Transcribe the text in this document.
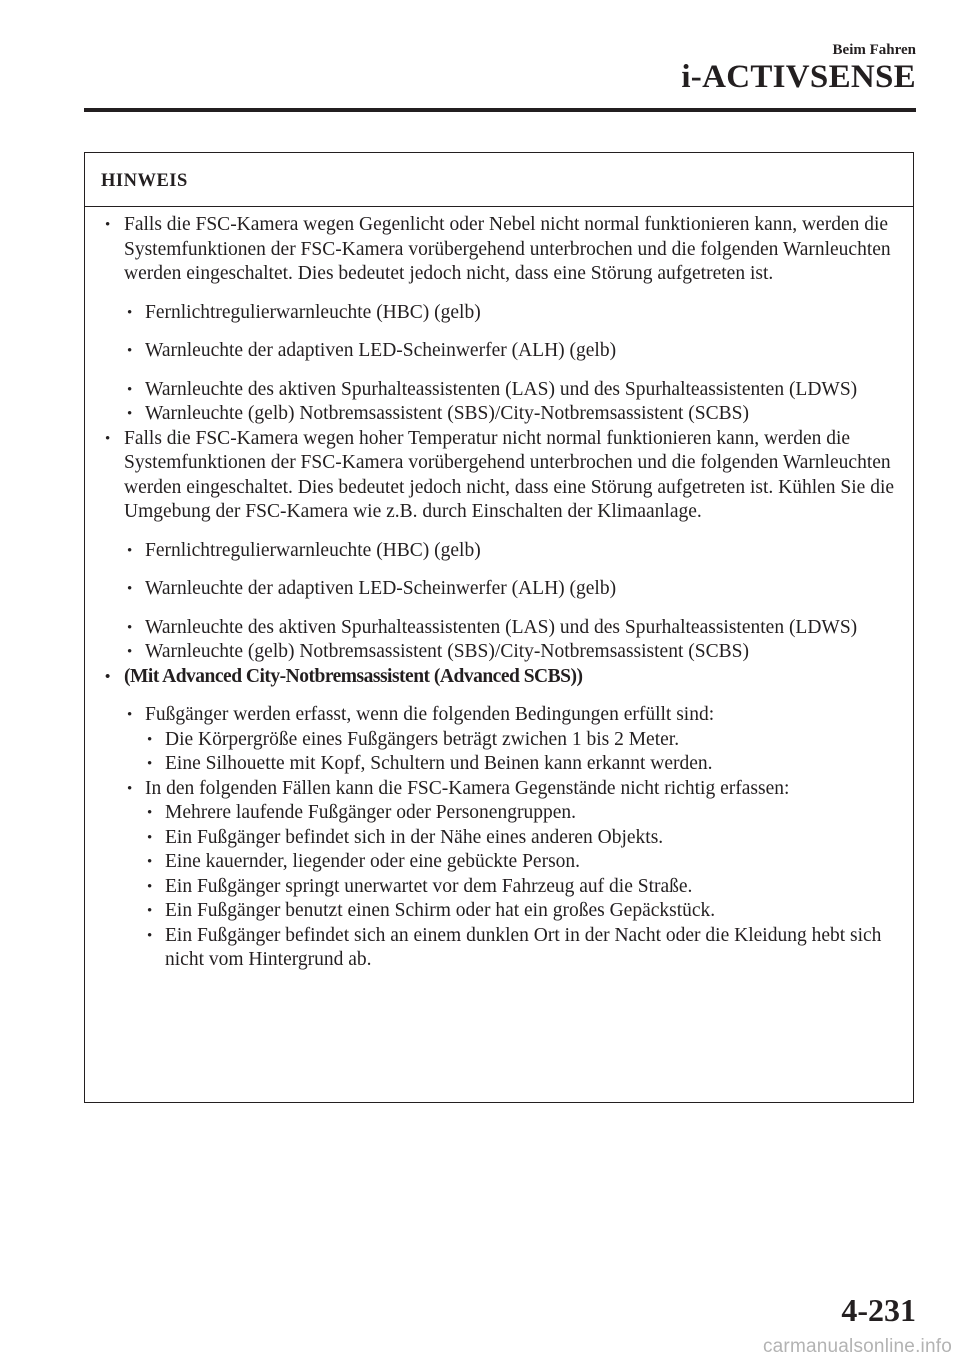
Beim Fahren
i-ACTIVSENSE
HINWEIS
• Falls die FSC-Kamera wegen Gegenlicht oder Nebel nicht normal funktionieren kann, werden die Systemfunktionen der FSC-Kamera vorübergehend unterbrochen und die folgenden Warnleuchten werden eingeschaltet. Dies bedeutet jedoch nicht, dass eine Störung aufgetreten ist.
• Fernlichtregulierwarnleuchte (HBC) (gelb)
• Warnleuchte der adaptiven LED-Scheinwerfer (ALH) (gelb)
• Warnleuchte des aktiven Spurhalteassistenten (LAS) und des Spurhalteassistenten (LDWS)
• Warnleuchte (gelb) Notbremsassistent (SBS)/City-Notbremsassistent (SCBS)
• Falls die FSC-Kamera wegen hoher Temperatur nicht normal funktionieren kann, werden die Systemfunktionen der FSC-Kamera vorübergehend unterbrochen und die folgenden Warnleuchten werden eingeschaltet. Dies bedeutet jedoch nicht, dass eine Störung aufgetreten ist. Kühlen Sie die Umgebung der FSC-Kamera wie z.B. durch Einschalten der Klimaanlage.
• Fernlichtregulierwarnleuchte (HBC) (gelb)
• Warnleuchte der adaptiven LED-Scheinwerfer (ALH) (gelb)
• Warnleuchte des aktiven Spurhalteassistenten (LAS) und des Spurhalteassistenten (LDWS)
• Warnleuchte (gelb) Notbremsassistent (SBS)/City-Notbremsassistent (SCBS)
• (Mit Advanced City-Notbremsassistent (Advanced SCBS))
• Fußgänger werden erfasst, wenn die folgenden Bedingungen erfüllt sind:
• Die Körpergröße eines Fußgängers beträgt zwichen 1 bis 2 Meter.
• Eine Silhouette mit Kopf, Schultern und Beinen kann erkannt werden.
• In den folgenden Fällen kann die FSC-Kamera Gegenstände nicht richtig erfassen:
• Mehrere laufende Fußgänger oder Personengruppen.
• Ein Fußgänger befindet sich in der Nähe eines anderen Objekts.
• Eine kauernder, liegender oder eine gebückte Person.
• Ein Fußgänger springt unerwartet vor dem Fahrzeug auf die Straße.
• Ein Fußgänger benutzt einen Schirm oder hat ein großes Gepäckstück.
• Ein Fußgänger befindet sich an einem dunklen Ort in der Nacht oder die Kleidung hebt sich nicht vom Hintergrund ab.
4-231
carmanualsonline.info
